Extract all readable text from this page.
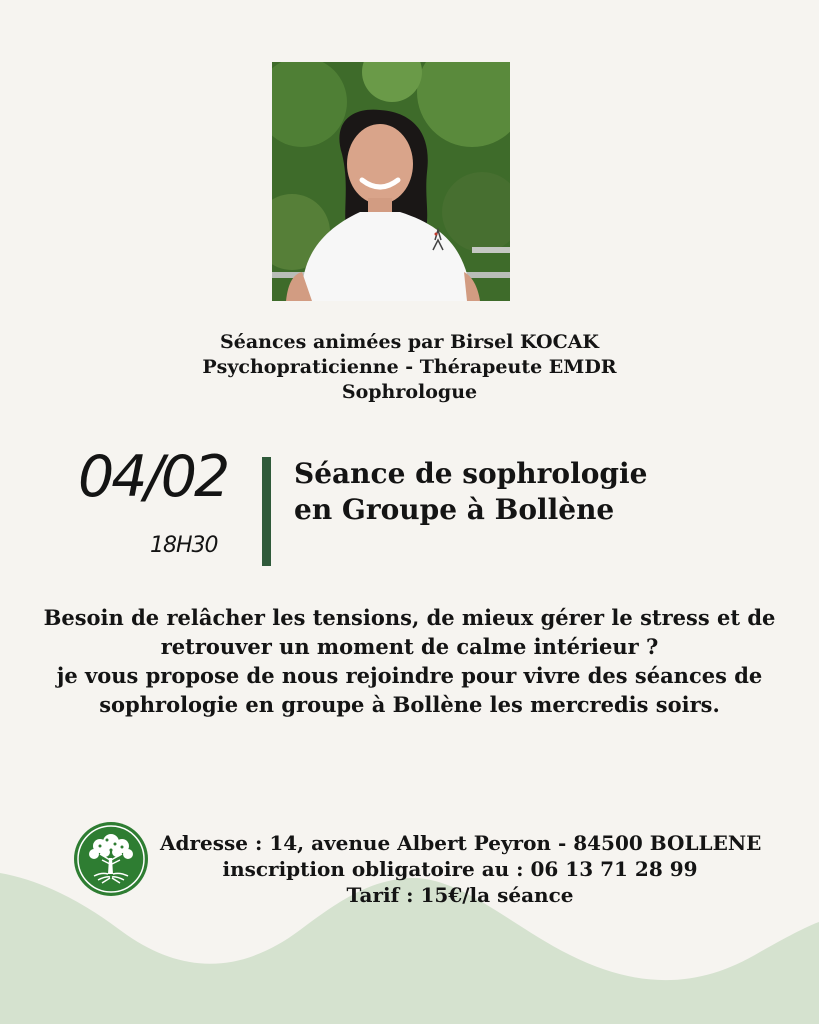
Séances animées par Birsel KOCAK
Psychopraticienne - Thérapeute EMDR
Sophrologue
04/02
18H30
Séance de sophrologie
en Groupe à Bollène
Besoin de relâcher les tensions, de mieux gérer le stress et de
retrouver un moment de calme intérieur ?
je vous propose de nous rejoindre pour vivre des séances de
sophrologie en groupe à Bollène les mercredis soirs.
Adresse : 14, avenue Albert Peyron - 84500 BOLLENE
inscription obligatoire au : 06 13 71 28 99
Tarif : 15€/la séance
